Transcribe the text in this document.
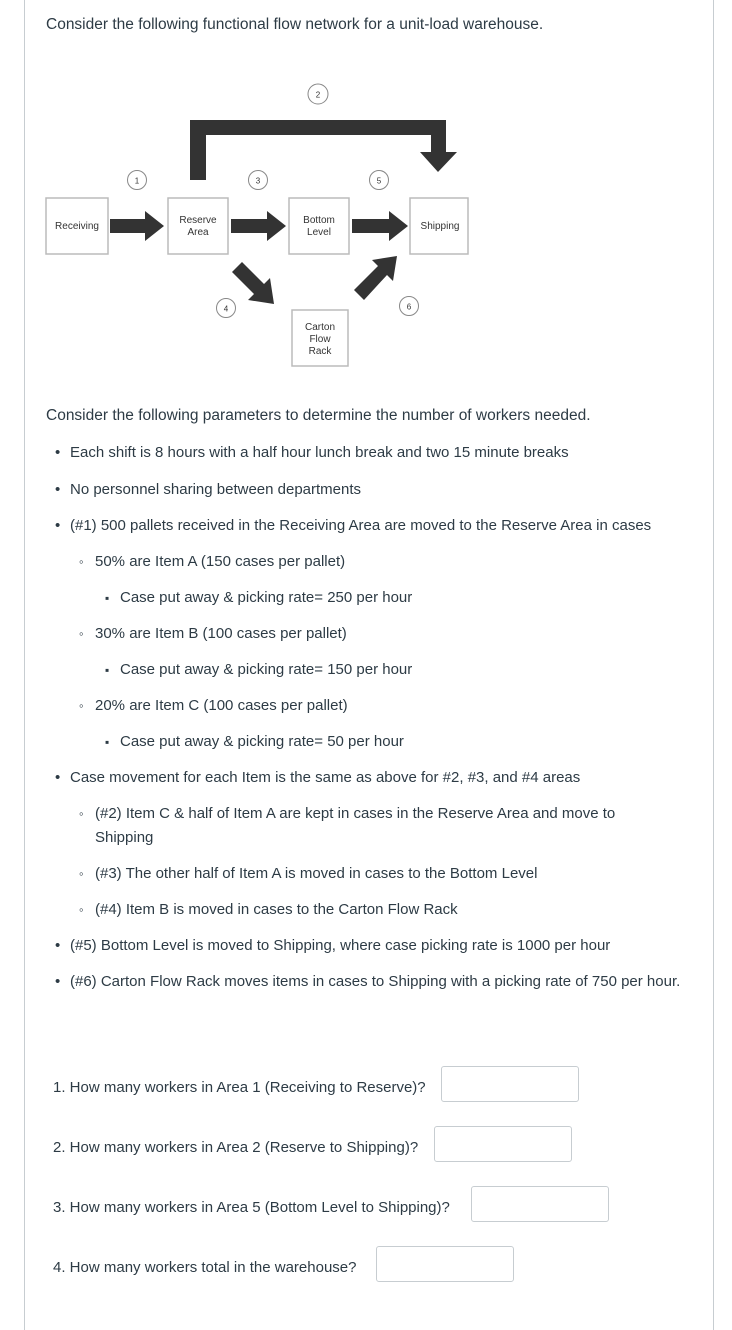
Consider the following functional flow network for a unit-load warehouse.
Receiving
Reserve
Area
Bottom
Level
Shipping
Carton
Flow
Rack
1
2
3
4
5
6
Consider the following parameters to determine the number of workers needed.
• Each shift is 8 hours with a half hour lunch break and two 15 minute breaks
• No personnel sharing between departments
• (#1) 500 pallets received in the Receiving Area are moved to the Reserve Area in cases
◦ 50% are Item A (150 cases per pallet)
▪ Case put away & picking rate= 250 per hour
◦ 30% are Item B (100 cases per pallet)
▪ Case put away & picking rate= 150 per hour
◦ 20% are Item C (100 cases per pallet)
▪ Case put away & picking rate= 50 per hour
• Case movement for each Item is the same as above for #2, #3, and #4 areas
◦ (#2) Item C & half of Item A are kept in cases in the Reserve Area and move to Shipping
◦ (#3) The other half of Item A is moved in cases to the Bottom Level
◦ (#4) Item B is moved in cases to the Carton Flow Rack
• (#5) Bottom Level is moved to Shipping, where case picking rate is 1000 per hour
• (#6) Carton Flow Rack moves items in cases to Shipping with a picking rate of 750 per hour.
1. How many workers in Area 1 (Receiving to Reserve)?
2. How many workers in Area 2 (Reserve to Shipping)?
3. How many workers in Area 5 (Bottom Level to Shipping)?
4. How many workers total in the warehouse?
